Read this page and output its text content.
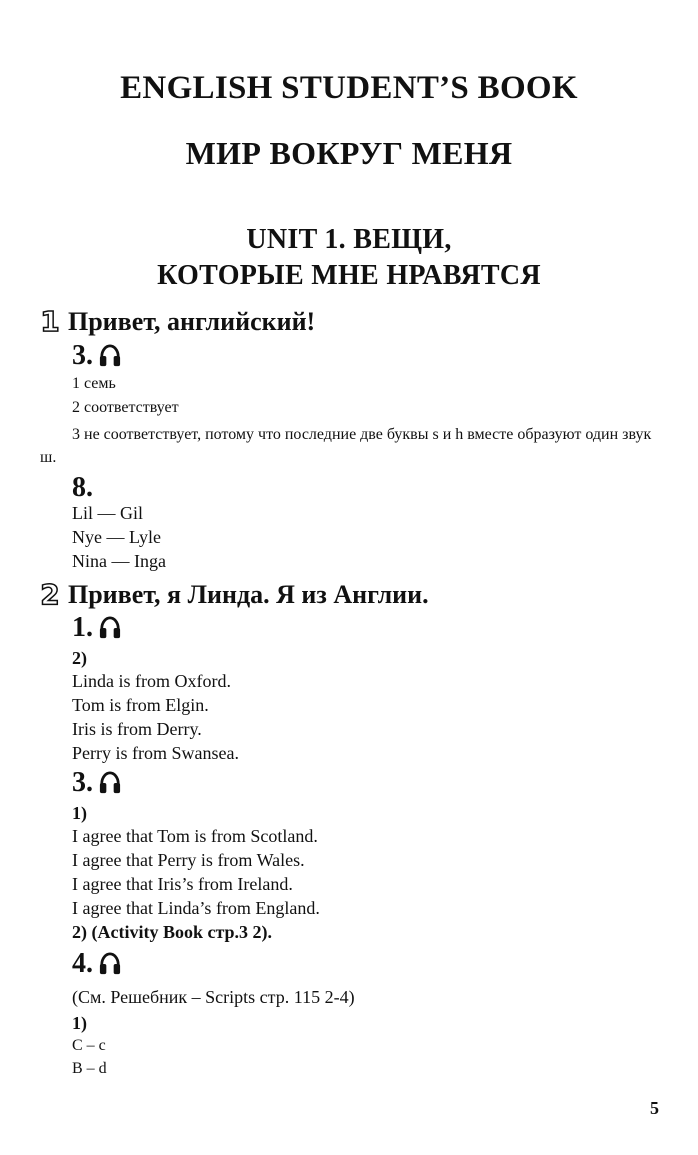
ENGLISH STUDENT’S BOOK
МИР ВОКРУГ МЕНЯ
UNIT 1. ВЕЩИ,
КОТОРЫЕ МНЕ НРАВЯТСЯ
1 Привет, английский!
3.

1 семь

2 соответствует

3 не соответствует, потому что последние две буквы s и h вместе образуют один звук ш.

8.

Lil — Gil

Nye — Lyle

Nina — Inga

2 Привет, я Линда. Я из Англии.
1.

2)

Linda is from Oxford.

Tom is from Elgin.

Iris is from Derry.

Perry is from Swansea.

3.

1)

I agree that Tom is from Scotland.

I agree that Perry is from Wales.

I agree that Iris’s from Ireland.

I agree that Linda’s from England.

2) (Activity Book стр.3 2).

4.

(См. Решебник – Scripts стр. 115 2-4)

1)

C – c

B – d

5
